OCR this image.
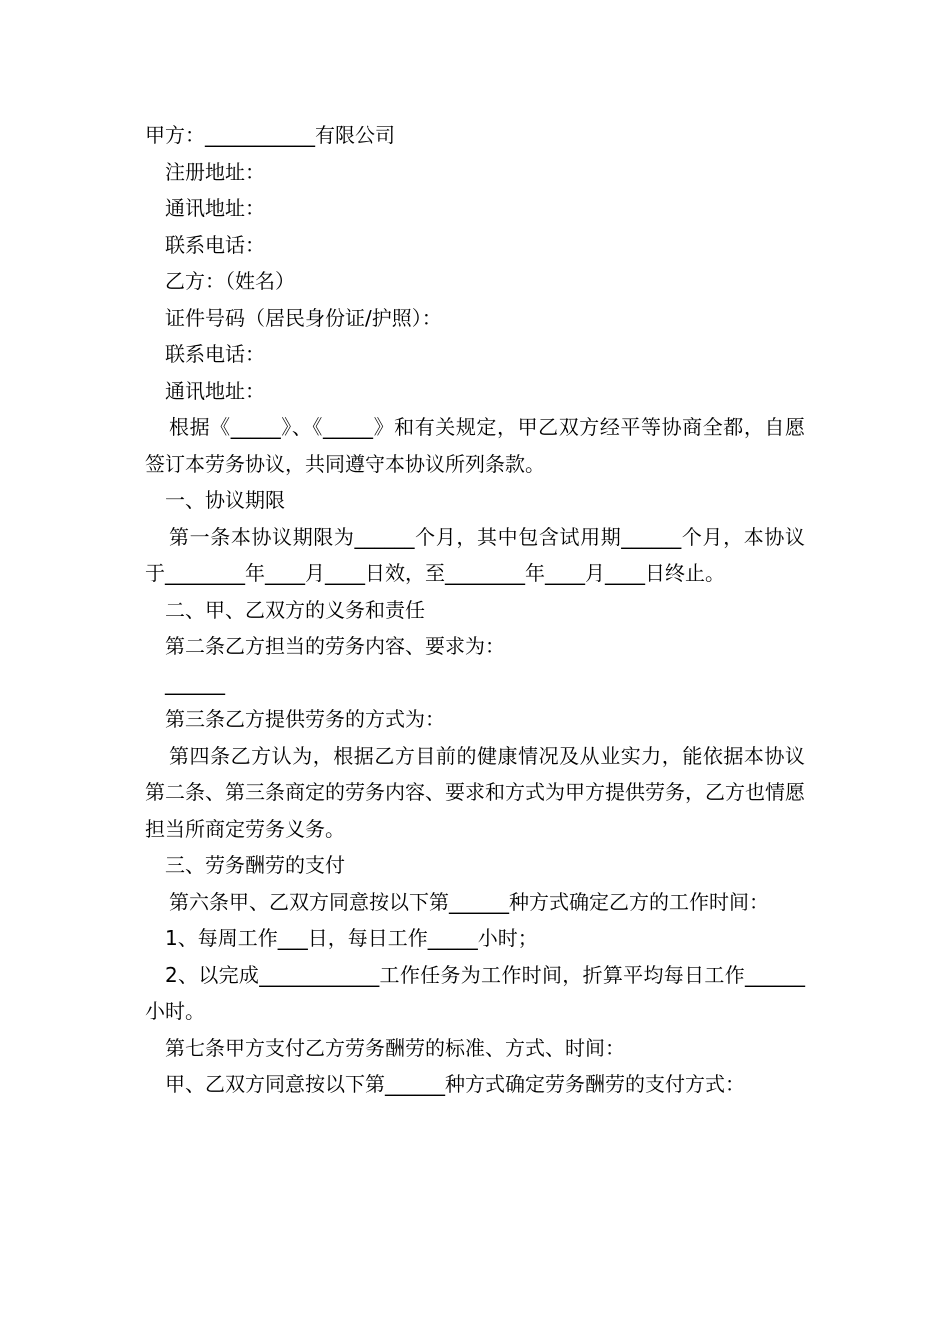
甲方：___________有限公司

注册地址：

通讯地址：

联系电话：

乙方：（姓名）

证件号码（居民身份证/护照）：

联系电话：

通讯地址：

根据《_____》、《_____》和有关规定，甲乙双方经平等协商全都，自愿签订本劳务协议，共同遵守本协议所列条款。

一、协议期限

第一条本协议期限为______个月，其中包含试用期______个月，本协议于________年____月____日效，至________年____月____日终止。

二、甲、乙双方的义务和责任

第二条乙方担当的劳务内容、要求为：

______

第三条乙方提供劳务的方式为：

第四条乙方认为，根据乙方目前的健康情况及从业实力，能依据本协议第二条、第三条商定的劳务内容、要求和方式为甲方提供劳务，乙方也情愿担当所商定劳务义务。

三、劳务酬劳的支付

第六条甲、乙双方同意按以下第______种方式确定乙方的工作时间：

1、每周工作___日，每日工作_____小时；

2、以完成____________工作任务为工作时间，折算平均每日工作______小时。

第七条甲方支付乙方劳务酬劳的标准、方式、时间：

甲、乙双方同意按以下第______种方式确定劳务酬劳的支付方式：
